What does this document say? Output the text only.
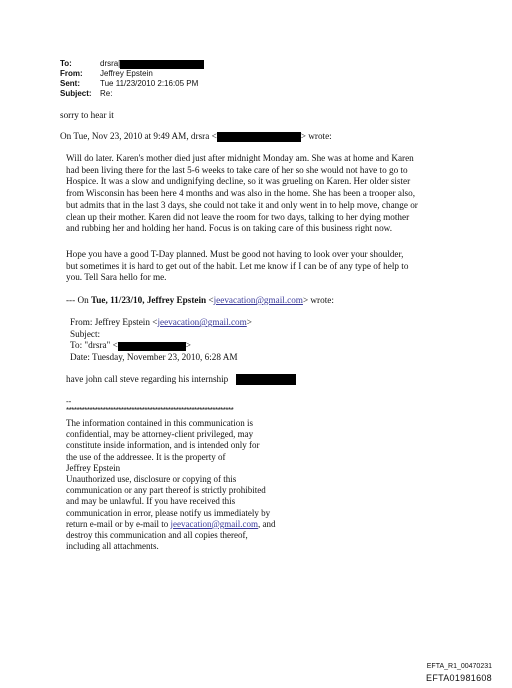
To:	drsra[
From:	Jeffrey Epstein
Sent:	Tue 11/23/2010 2:16:05 PM
Subject:	Re:
sorry to hear it
On Tue, Nov 23, 2010 at 9:49 AM, drsra <	> wrote:
Will do later. Karen's mother died just after midnight Monday am. She was at home and Karen
had been living there for the last 5-6 weeks to take care of her so she would not have to go to
Hospice. It was a slow and undignifying decline, so it was grueling on Karen. Her older sister
from Wisconsin has been here 4 months and was also in the home. She has been a trooper also,
but admits that in the last 3 days, she could not take it and only went in to help move, change or
clean up their mother. Karen did not leave the room for two days, talking to her dying mother
and rubbing her and holding her hand. Focus is on taking care of this business right now.
Hope you have a good T-Day planned. Must be good not having to look over your shoulder,
but sometimes it is hard to get out of the habit. Let me know if I can be of any type of help to
you. Tell Sara hello for me.
--- On Tue, 11/23/10, Jeffrey Epstein <jeevacation@gmail.com> wrote:
From: Jeffrey Epstein <jeevacation@gmail.com>
Subject:
To: "drsra" <	>
Date: Tuesday, November 23, 2010, 6:28 AM
have john call steve regarding his internship
--
****************************************************************
The information contained in this communication is
confidential, may be attorney-client privileged, may
constitute inside information, and is intended only for
the use of the addressee. It is the property of
Jeffrey Epstein
Unauthorized use, disclosure or copying of this
communication or any part thereof is strictly prohibited
and may be unlawful. If you have received this
communication in error, please notify us immediately by
return e-mail or by e-mail to jeevacation@gmail.com, and
destroy this communication and all copies thereof,
including all attachments.
EFTA_R1_00470231
EFTA01981608
